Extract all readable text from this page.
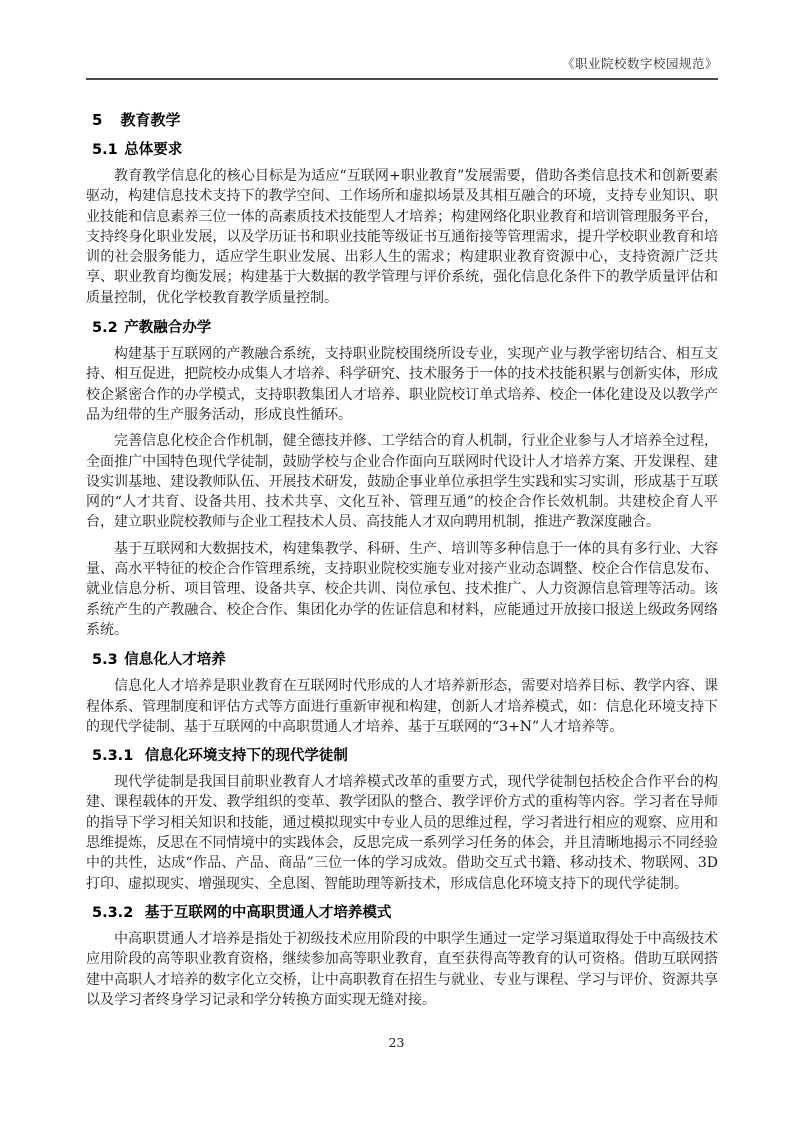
《职业院校数字校园规范》
5 教育教学
5.1 总体要求

教育教学信息化的核心目标是为适应“互联网+职业教育”发展需要，借助各类信息技术和创新要素驱动，构建信息技术支持下的教学空间、工作场所和虚拟场景及其相互融合的环境，支持专业知识、职业技能和信息素养三位一体的高素质技术技能型人才培养；构建网络化职业教育和培训管理服务平台，支持终身化职业发展，以及学历证书和职业技能等级证书互通衔接等管理需求，提升学校职业教育和培训的社会服务能力，适应学生职业发展、出彩人生的需求；构建职业教育资源中心，支持资源广泛共享、职业教育均衡发展；构建基于大数据的教学管理与评价系统，强化信息化条件下的教学质量评估和质量控制，优化学校教育教学质量控制。

5.2 产教融合办学

构建基于互联网的产教融合系统，支持职业院校围绕所设专业，实现产业与教学密切结合、相互支持、相互促进，把院校办成集人才培养、科学研究、技术服务于一体的技术技能积累与创新实体，形成校企紧密合作的办学模式，支持职教集团人才培养、职业院校订单式培养、校企一体化建设及以教学产品为纽带的生产服务活动，形成良性循环。

完善信息化校企合作机制，健全德技并修、工学结合的育人机制，行业企业参与人才培养全过程，全面推广中国特色现代学徒制，鼓励学校与企业合作面向互联网时代设计人才培养方案、开发课程、建设实训基地、建设教师队伍、开展技术研发，鼓励企事业单位承担学生实践和实习实训，形成基于互联网的“人才共育、设备共用、技术共享、文化互补、管理互通”的校企合作长效机制。共建校企育人平台，建立职业院校教师与企业工程技术人员、高技能人才双向聘用机制，推进产教深度融合。

基于互联网和大数据技术，构建集教学、科研、生产、培训等多种信息于一体的具有多行业、大容量、高水平特征的校企合作管理系统，支持职业院校实施专业对接产业动态调整、校企合作信息发布、就业信息分析、项目管理、设备共享、校企共训、岗位承包、技术推广、人力资源信息管理等活动。该系统产生的产教融合、校企合作、集团化办学的佐证信息和材料，应能通过开放接口报送上级政务网络系统。

5.3 信息化人才培养

信息化人才培养是职业教育在互联网时代形成的人才培养新形态，需要对培养目标、教学内容、课程体系、管理制度和评估方式等方面进行重新审视和构建，创新人才培养模式，如：信息化环境支持下的现代学徒制、基于互联网的中高职贯通人才培养、基于互联网的“3+N”人才培养等。

5.3.1 信息化环境支持下的现代学徒制

现代学徒制是我国目前职业教育人才培养模式改革的重要方式，现代学徒制包括校企合作平台的构建、课程载体的开发、教学组织的变革、教学团队的整合、教学评价方式的重构等内容。学习者在导师的指导下学习相关知识和技能，通过模拟现实中专业人员的思维过程，学习者进行相应的观察、应用和思维提炼，反思在不同情境中的实践体会，反思完成一系列学习任务的体会，并且清晰地揭示不同经验中的共性，达成“作品、产品、商品”三位一体的学习成效。借助交互式书籍、移动技术、物联网、3D打印、虚拟现实、增强现实、全息图、智能助理等新技术，形成信息化环境支持下的现代学徒制。

5.3.2 基于互联网的中高职贯通人才培养模式

中高职贯通人才培养是指处于初级技术应用阶段的中职学生通过一定学习渠道取得处于中高级技术应用阶段的高等职业教育资格，继续参加高等职业教育，直至获得高等教育的认可资格。借助互联网搭建中高职人才培养的数字化立交桥，让中高职教育在招生与就业、专业与课程、学习与评价、资源共享以及学习者终身学习记录和学分转换方面实现无缝对接。

23
